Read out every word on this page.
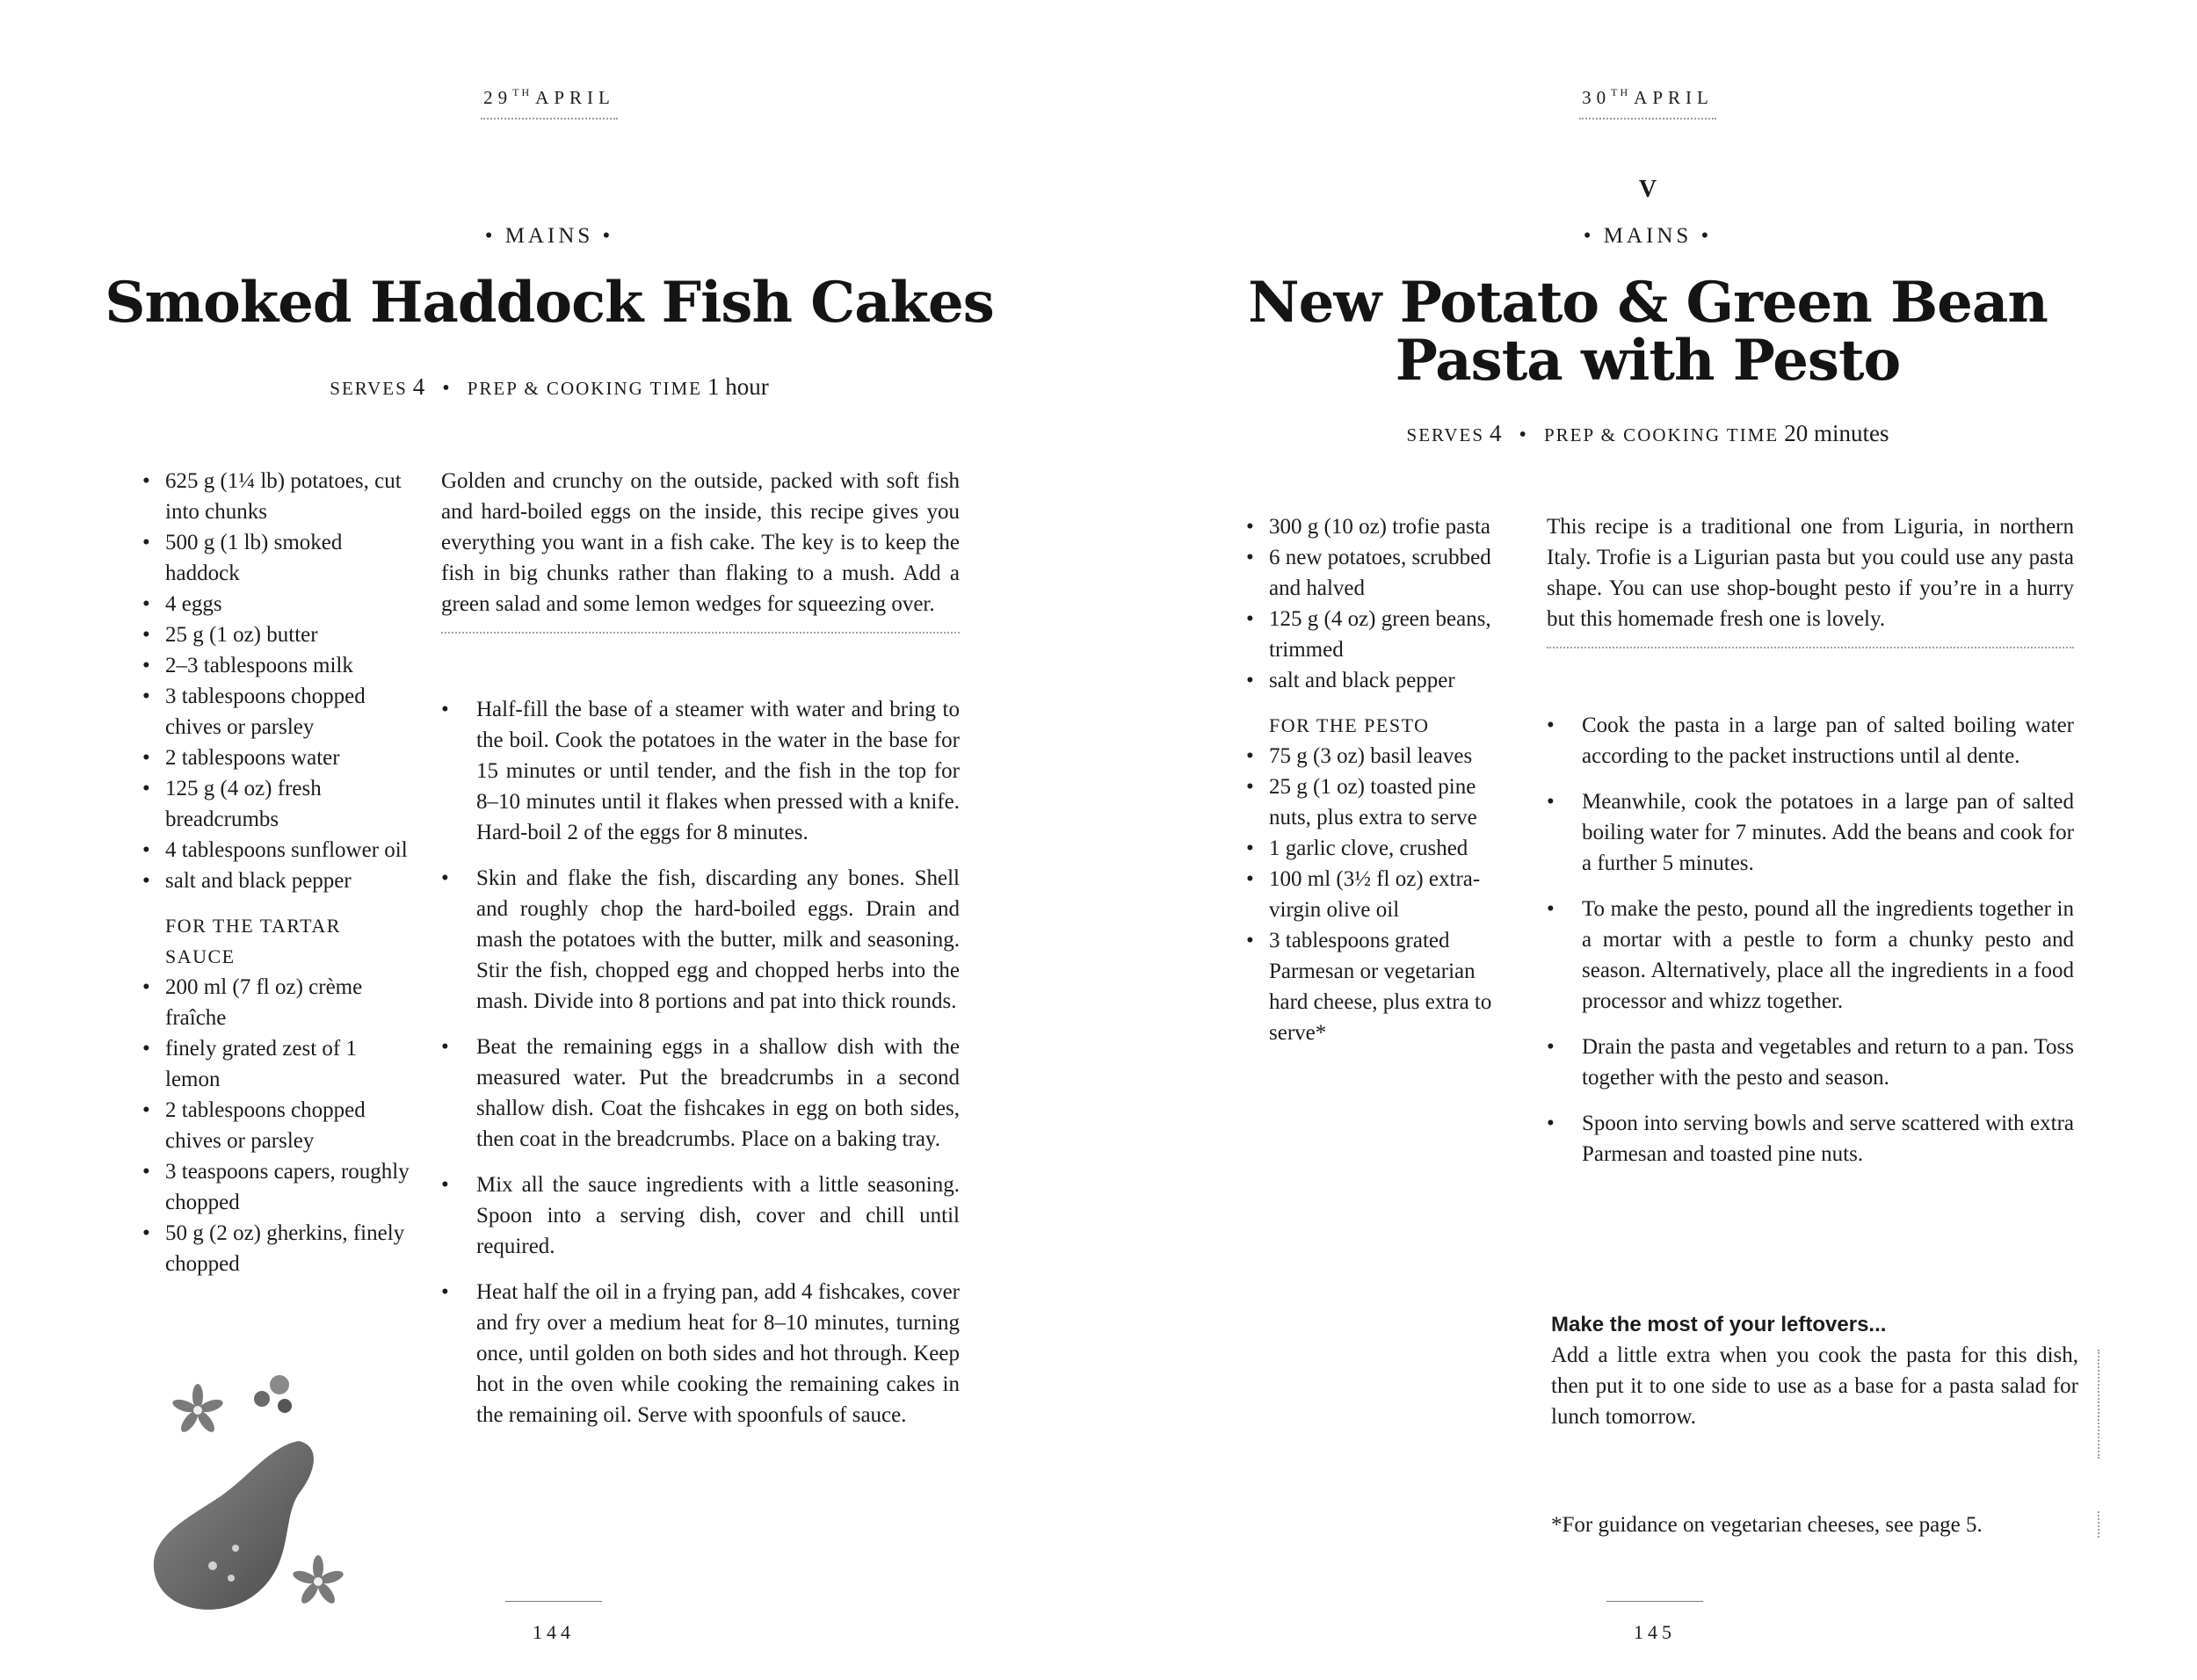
29TH APRIL
• MAINS •
Smoked Haddock Fish Cakes
SERVES 4 • PREP & COOKING TIME 1 hour
• 625 g (1¼ lb) potatoes, cut into chunks
• 500 g (1 lb) smoked haddock
• 4 eggs
• 25 g (1 oz) butter
• 2–3 tablespoons milk
• 3 tablespoons chopped chives or parsley
• 2 tablespoons water
• 125 g (4 oz) fresh breadcrumbs
• 4 tablespoons sunflower oil
• salt and black pepper
FOR THE TARTAR SAUCE
• 200 ml (7 fl oz) crème fraîche
• finely grated zest of 1 lemon
• 2 tablespoons chopped chives or parsley
• 3 teaspoons capers, roughly chopped
• 50 g (2 oz) gherkins, finely chopped

Golden and crunchy on the outside, packed with soft fish and hard-boiled eggs on the inside, this recipe gives you everything you want in a fish cake. The key is to keep the fish in big chunks rather than flaking to a mush. Add a green salad and some lemon wedges for squeezing over.

• Half-fill the base of a steamer with water and bring to the boil. Cook the potatoes in the water in the base for 15 minutes or until tender, and the fish in the top for 8–10 minutes until it flakes when pressed with a knife. Hard-boil 2 of the eggs for 8 minutes.
• Skin and flake the fish, discarding any bones. Shell and roughly chop the hard-boiled eggs. Drain and mash the potatoes with the butter, milk and seasoning. Stir the fish, chopped egg and chopped herbs into the mash. Divide into 8 portions and pat into thick rounds.
• Beat the remaining eggs in a shallow dish with the measured water. Put the breadcrumbs in a second shallow dish. Coat the fishcakes in egg on both sides, then coat in the breadcrumbs. Place on a baking tray.
• Mix all the sauce ingredients with a little seasoning. Spoon into a serving dish, cover and chill until required.
• Heat half the oil in a frying pan, add 4 fishcakes, cover and fry over a medium heat for 8–10 minutes, turning once, until golden on both sides and hot through. Keep hot in the oven while cooking the remaining cakes in the remaining oil. Serve with spoonfuls of sauce.
144
30TH APRIL
V
• MAINS •
New Potato & Green Bean
Pasta with Pesto
SERVES 4 • PREP & COOKING TIME 20 minutes
• 300 g (10 oz) trofie pasta
• 6 new potatoes, scrubbed and halved
• 125 g (4 oz) green beans, trimmed
• salt and black pepper
FOR THE PESTO
• 75 g (3 oz) basil leaves
• 25 g (1 oz) toasted pine nuts, plus extra to serve
• 1 garlic clove, crushed
• 100 ml (3½ fl oz) extra-virgin olive oil
• 3 tablespoons grated Parmesan or vegetarian hard cheese, plus extra to serve*

This recipe is a traditional one from Liguria, in northern Italy. Trofie is a Ligurian pasta but you could use any pasta shape. You can use shop-bought pesto if you’re in a hurry but this homemade fresh one is lovely.

• Cook the pasta in a large pan of salted boiling water according to the packet instructions until al dente.
• Meanwhile, cook the potatoes in a large pan of salted boiling water for 7 minutes. Add the beans and cook for a further 5 minutes.
• To make the pesto, pound all the ingredients together in a mortar with a pestle to form a chunky pesto and season. Alternatively, place all the ingredients in a food processor and whizz together.
• Drain the pasta and vegetables and return to a pan. Toss together with the pesto and season.
• Spoon into serving bowls and serve scattered with extra Parmesan and toasted pine nuts.
145
Make the most of your leftovers...
Add a little extra when you cook the pasta for this dish, then put it to one side to use as a base for a pasta salad for lunch tomorrow.
*For guidance on vegetarian cheeses, see page 5.
